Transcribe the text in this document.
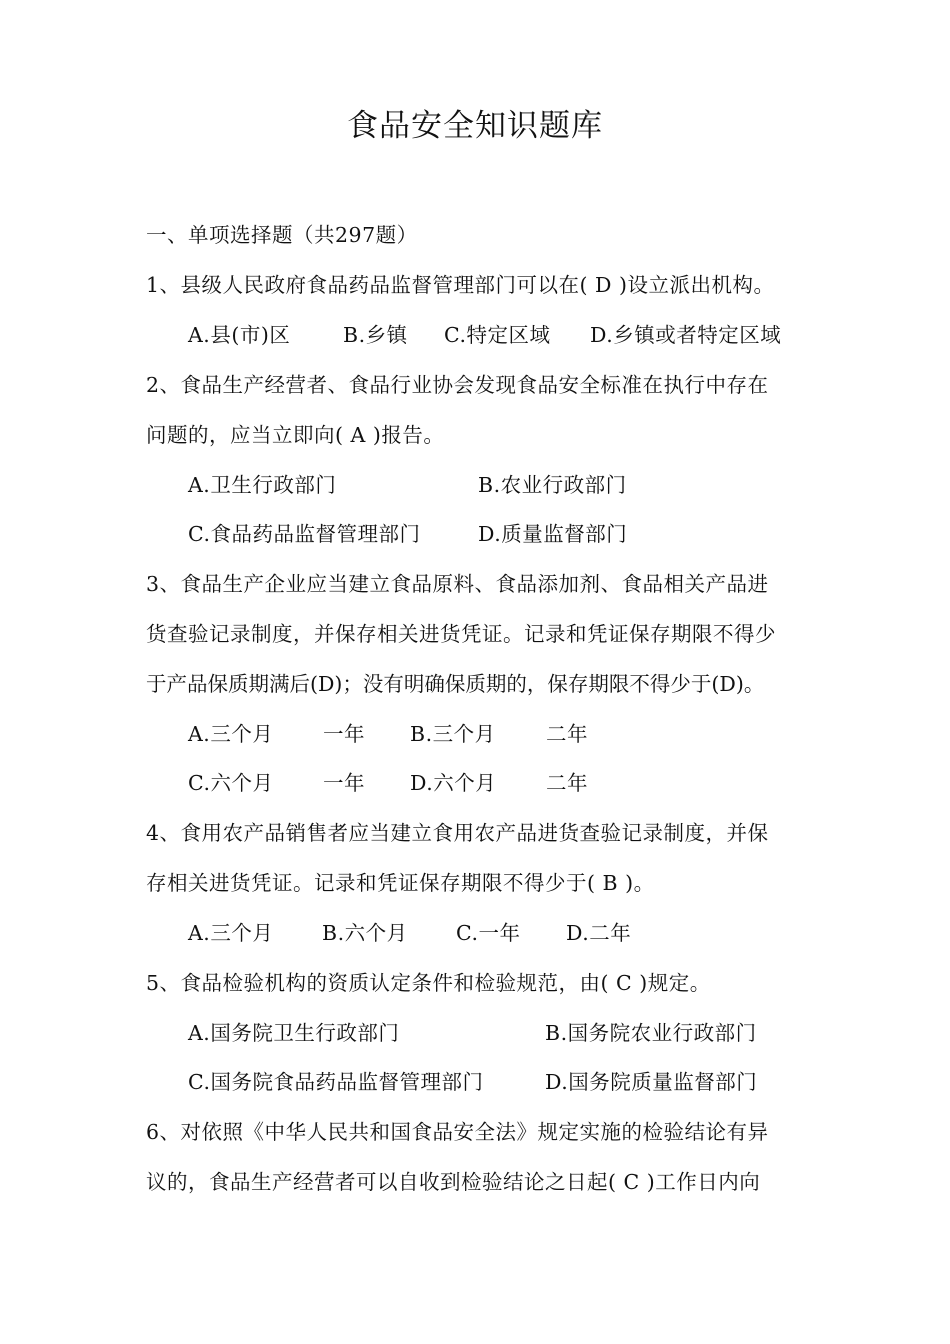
食品安全知识题库
一、单项选择题（共297题）
1、县级人民政府食品药品监督管理部门可以在( D )设立派出机构。
A.县(市)区	B.乡镇 C.特定区域 D.乡镇或者特定区域
2、食品生产经营者、食品行业协会发现食品安全标准在执行中存在
问题的，应当立即向( A )报告。
A.卫生行政部门	B.农业行政部门
C.食品药品监督管理部门	D.质量监督部门
3、食品生产企业应当建立食品原料、食品添加剂、食品相关产品进
货查验记录制度，并保存相关进货凭证。记录和凭证保存期限不得少
于产品保质期满后(D)；没有明确保质期的，保存期限不得少于(D)。
A.三个月 一年 B.三个月 二年
C.六个月 一年 D.六个月 二年
4、食用农产品销售者应当建立食用农产品进货查验记录制度，并保
存相关进货凭证。记录和凭证保存期限不得少于( B )。
A.三个月 B.六个月 C.一年 D.二年
5、食品检验机构的资质认定条件和检验规范，由( C )规定。
A.国务院卫生行政部门	B.国务院农业行政部门
C.国务院食品药品监督管理部门	D.国务院质量监督部门
6、对依照《中华人民共和国食品安全法》规定实施的检验结论有异
议的，食品生产经营者可以自收到检验结论之日起( C )工作日内向
